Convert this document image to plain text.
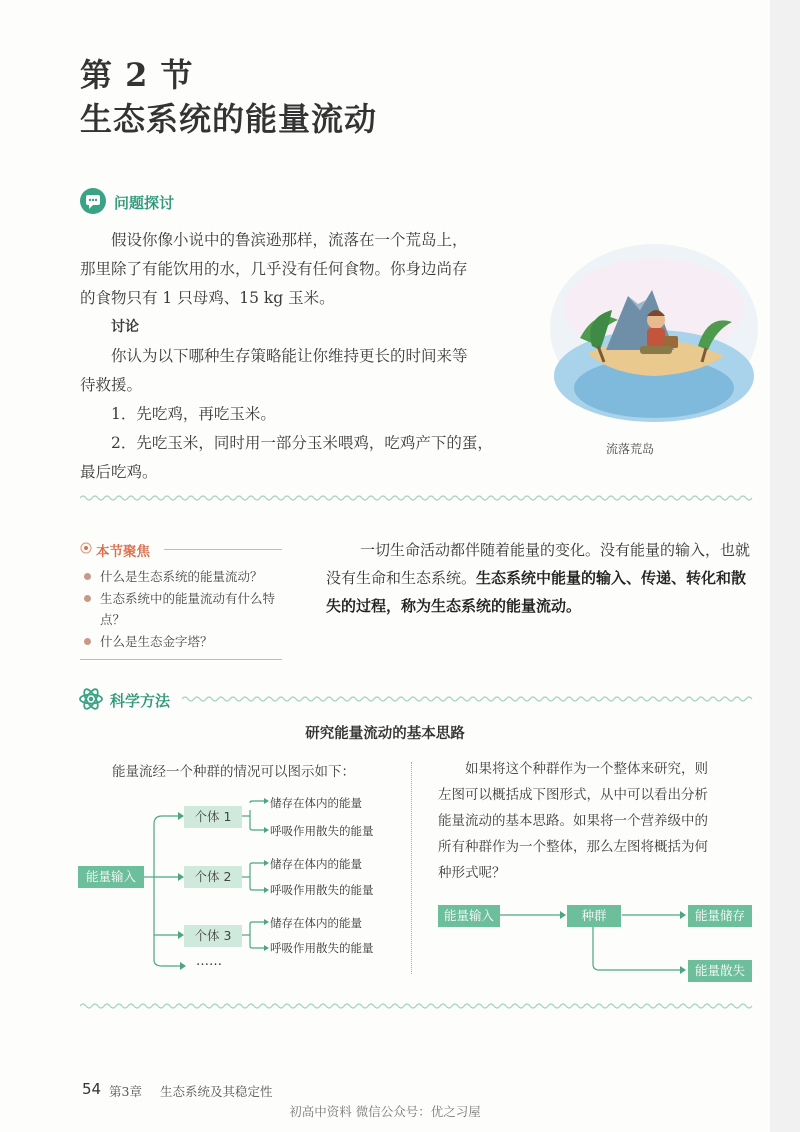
第 2 节
生态系统的能量流动
问题探讨

假设你像小说中的鲁滨逊那样，流落在一个荒岛上，

那里除了有能饮用的水，几乎没有任何食物。你身边尚存

的食物只有 1 只母鸡、15 kg 玉米。

讨论

你认为以下哪种生存策略能让你维持更长的时间来等

待救援。

1．先吃鸡，再吃玉米。

2．先吃玉米，同时用一部分玉米喂鸡，吃鸡产下的蛋，

最后吃鸡。

流落荒岛
本节聚焦
什么是生态系统的能量流动？
生态系统中的能量流动有什么特点？
什么是生态金字塔？
一切生命活动都伴随着能量的变化。没有能量的输入，也就没有生命和生态系统。生态系统中能量的输入、传递、转化和散失的过程，称为生态系统的能量流动。
科学方法
研究能量流动的基本思路
能量流经一个种群的情况可以图示如下：
能量输入
个体 1
个体 2
个体 3
储存在体内的能量
呼吸作用散失的能量
储存在体内的能量
呼吸作用散失的能量
储存在体内的能量
呼吸作用散失的能量
……
如果将这个种群作为一个整体来研究，则
左图可以概括成下图形式，从中可以看出分析
能量流动的基本思路。如果将一个营养级中的
所有种群作为一个整体，那么左图将概括为何
种形式呢？
能量输入	种群	能量储存
能量散失
54 第3章 生态系统及其稳定性
初高中资料 微信公众号：优之习屋
